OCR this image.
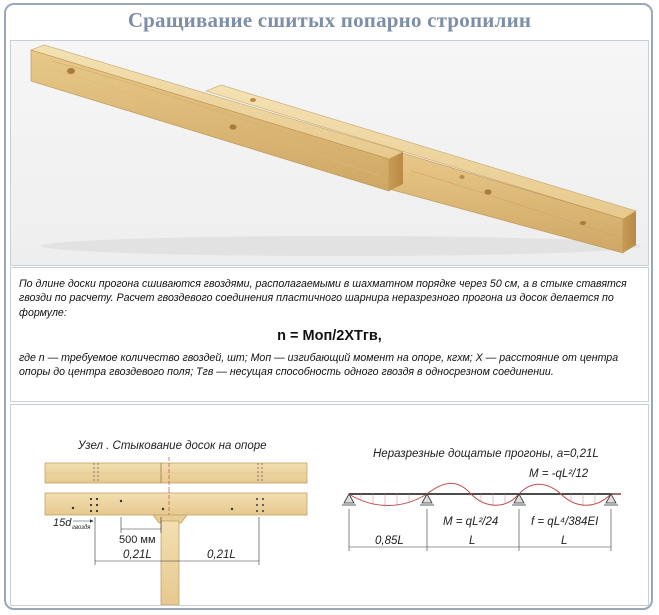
Сращивание сшитых попарно стропилин

По длине доски прогона сшиваются гвоздями, располагаемыми в шахматном порядке через 50 см, а в стыке ставятся гвозди по расчету. Расчет гвоздевого соединения пластичного шарнира неразрезного прогона из досок делается по формуле:

n = Моп/2ХТгв,

где n — требуемое количество гвоздей, шт; Моп — изгибающий момент на опоре, кгхм; Х — расстояние от центра опоры до центра гвоздевого поля; Тгв — несущая способность одного гвоздя в односрезном соединении.

Узел . Стыкование досок на опоре
15d гвоздя
500 мм
0,21L	0,21L
Неразрезные дощатые прогоны, а=0,21L
M = -qL²/12
M = qL²/24	f = qL⁴/384EI
0,85L	L	L
